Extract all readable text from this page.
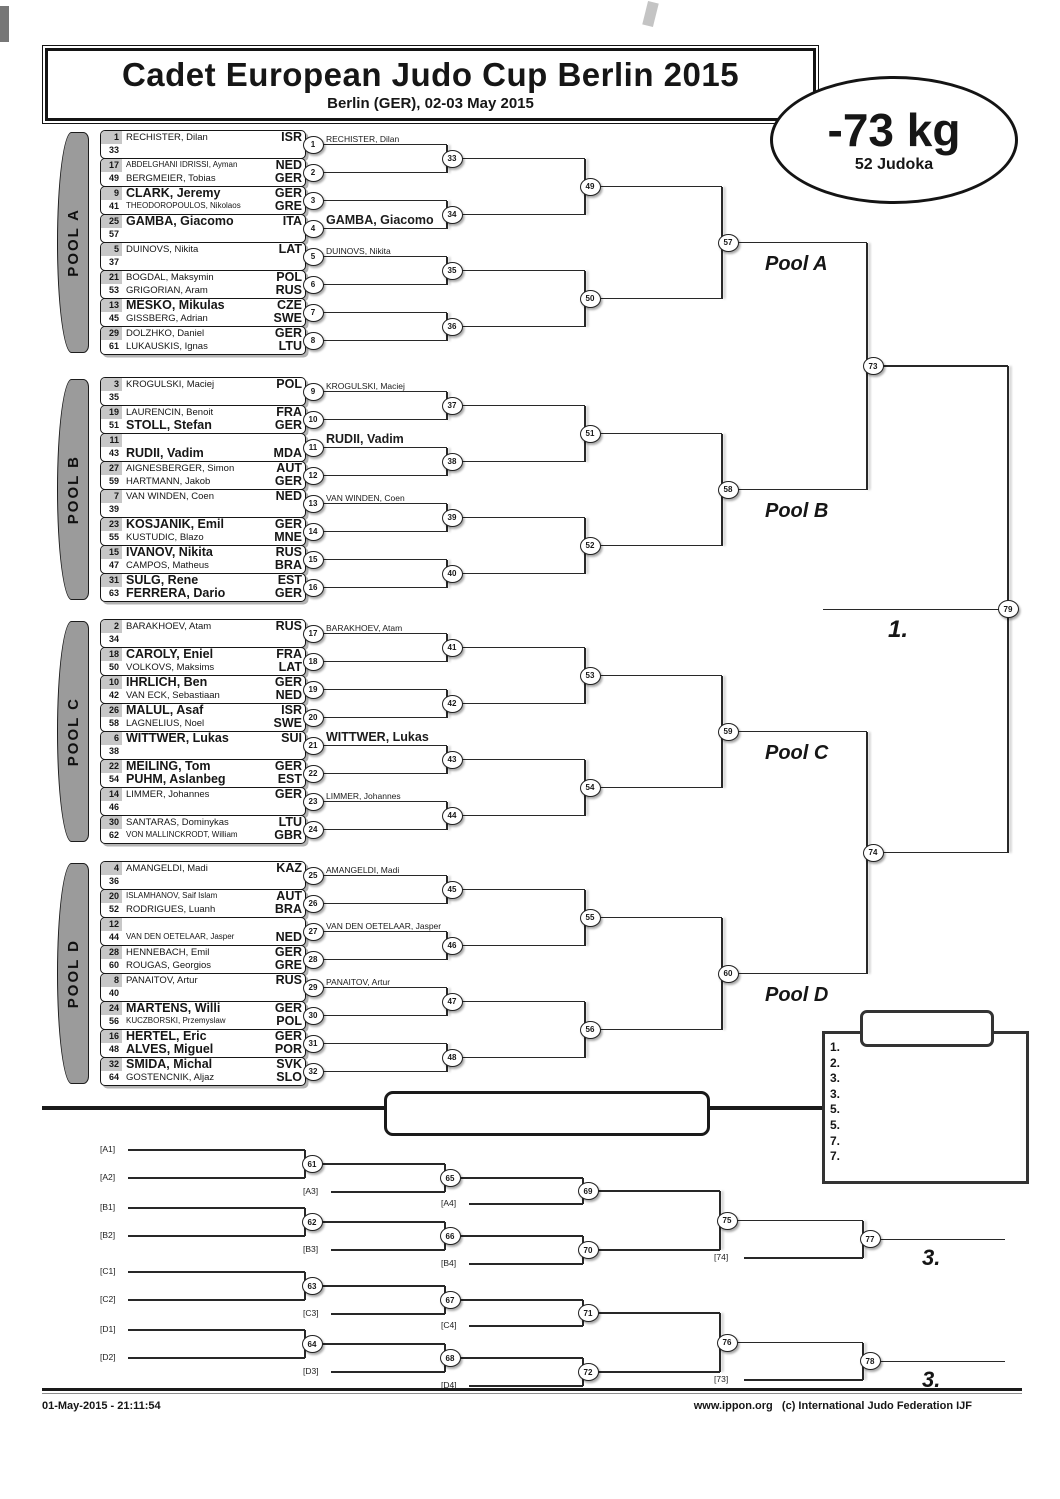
Cadet European Judo Cup Berlin 2015
Berlin (GER), 02-03 May 2015
-73 kg
52 Judoka
01-May-2015 - 21:11:54	www.ippon.org   (c) International Judo Federation IJF
POOL A
1 RECHISTER, Dilan	ISR
33
17 ABDELGHANI IDRISSI, Ayman	NED
49 BERGMEIER, Tobias	GER
9 CLARK, Jeremy	GER
41 THEODOROPOULOS, Nikolaos	GRE
25 GAMBA, Giacomo	ITA
57
5 DUINOVS, Nikita	LAT
37
21 BOGDAL, Maksymin	POL
53 GRIGORIAN, Aram	RUS
13 MESKO, Mikulas	CZE
45 GISSBERG, Adrian	SWE
29 DOLZHKO, Daniel	GER
61 LUKAUSKIS, Ignas	LTU
1
2
3
4
5
6
7
8
33
34
35
36
49
50
57
RECHISTER, Dilan
GAMBA, Giacomo
DUINOVS, Nikita
Pool A
POOL B
3 KROGULSKI, Maciej	POL
35
19 LAURENCIN, Benoit	FRA
51 STOLL, Stefan	GER
11
43 RUDII, Vadim	MDA
27 AIGNESBERGER, Simon	AUT
59 HARTMANN, Jakob	GER
7 VAN WINDEN, Coen	NED
39
23 KOSJANIK, Emil	GER
55 KUSTUDIC, Blazo	MNE
15 IVANOV, Nikita	RUS
47 CAMPOS, Matheus	BRA
31 SULG, Rene	EST
63 FERRERA, Dario	GER
9
10
11
12
13
14
15
16
37
38
39
40
51
52
58
KROGULSKI, Maciej
RUDII, Vadim
VAN WINDEN, Coen
Pool B
POOL C
2 BARAKHOEV, Atam	RUS
34
18 CAROLY, Eniel	FRA
50 VOLKOVS, Maksims	LAT
10 IHRLICH, Ben	GER
42 VAN ECK, Sebastiaan	NED
26 MALUL, Asaf	ISR
58 LAGNELIUS, Noel	SWE
6 WITTWER, Lukas	SUI
38
22 MEILING, Tom	GER
54 PUHM, Aslanbeg	EST
14 LIMMER, Johannes	GER
46
30 SANTARAS, Dominykas	LTU
62 VON MALLINCKRODT, William	GBR
17
18
19
20
21
22
23
24
41
42
43
44
53
54
59
BARAKHOEV, Atam
WITTWER, Lukas
LIMMER, Johannes
Pool C
POOL D
4 AMANGELDI, Madi	KAZ
36
20 ISLAMHANOV, Saif Islam	AUT
52 RODRIGUES, Luanh	BRA
12
44 VAN DEN OETELAAR, Jasper	NED
28 HENNEBACH, Emil	GER
60 ROUGAS, Georgios	GRE
8 PANAITOV, Artur	RUS
40
24 MARTENS, Willi	GER
56 KUCZBORSKI, Przemyslaw	POL
16 HERTEL, Eric	GER
48 ALVES, Miguel	POR
32 SMIDA, Michal	SVK
64 GOSTENCNIK, Aljaz	SLO
25
26
27
28
29
30
31
32
45
46
47
48
55
56
60
AMANGELDI, Madi
VAN DEN OETELAAR, Jasper
PANAITOV, Artur
Pool D
73
74
79
1.
[A1]
[A2]
[B1]
[B2]
61
62
[A3]
65
[B3]
66
[A4]
69
[B4]
70
75
[74]
77
3.
[C1]
[C2]
[D1]
[D2]
63
64
[C3]
67
[D3]
68
[C4]
71
[D4]
72
76
[73]
78
3.
1.
2.
3.
3.
5.
5.
7.
7.
